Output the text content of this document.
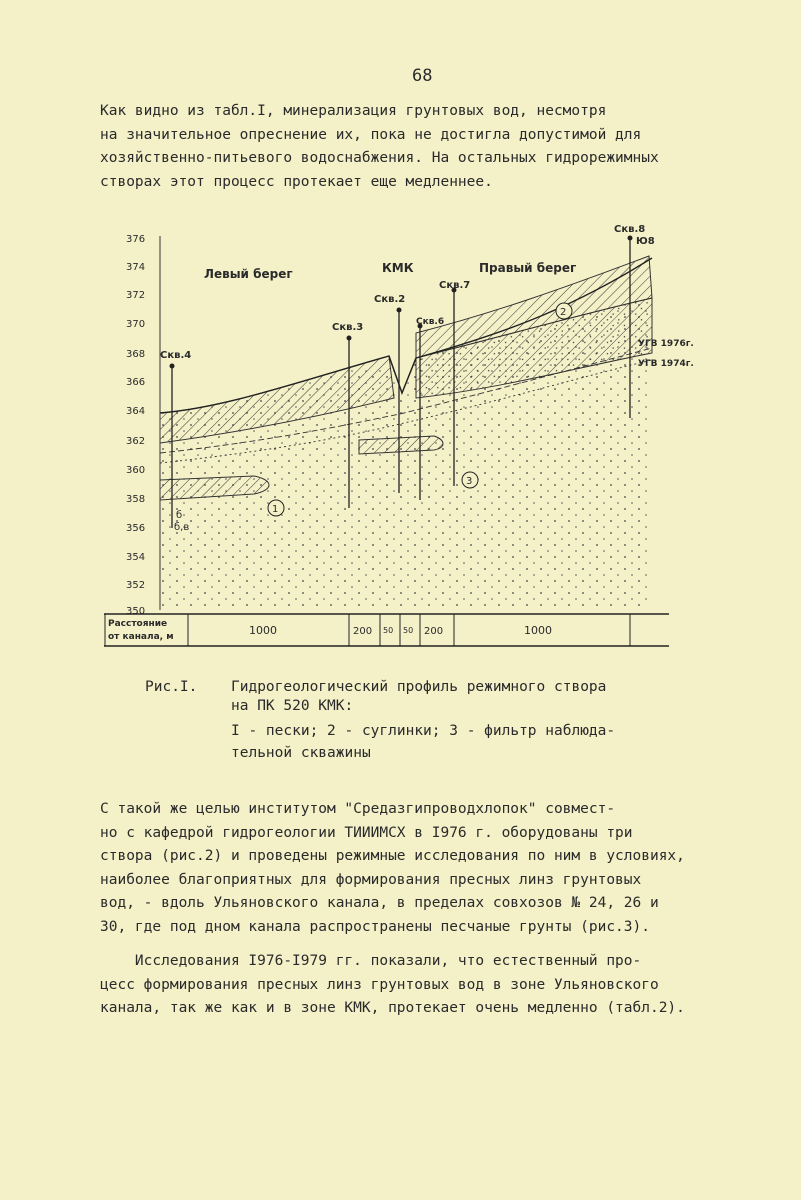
68

Как видно из табл.I, минерализация грунтовых вод, несмотря
на значительное опреснение их, пока не достигла допустимой для
хозяйственно-питьевого водоснабжения. На остальных гидрорежимных
створах этот процесс протекает еще медленнее.

376
374
372
370
368
366
364
362
360
358
356
354
352
350
Скв.4
Скв.3
Скв.2
Скв.6
Скв.7
Скв.8
Ю8
Левый берег	КМК	Правый берег
УГВ 1976г.
УГВ 1974г.
1
2
3
б
б,в
Расстояние
от канала, м	1000	200 50 50 200	1000
Рис.I. Гидрогеологический профиль режимного створа
на ПК 520 КМК:
I - пески; 2 - суглинки; 3 - фильтр наблюда-
тельной скважины

С такой же целью институтом "Средазгипроводхлопок" совмест-
но с кафедрой гидрогеологии ТИИИМСХ в I976 г. оборудованы три
створа (рис.2) и проведены режимные исследования по ним в условиях,
наиболее благоприятных для формирования пресных линз грунтовых
вод, - вдоль Ульяновского канала, в пределах совхозов № 24, 26 и
30, где под дном канала распространены песчаные грунты (рис.3).

Исследования I976-I979 гг. показали, что естественный про-
цесс формирования пресных линз грунтовых вод в зоне Ульяновского
канала, так же как и в зоне КМК, протекает очень медленно (табл.2).
